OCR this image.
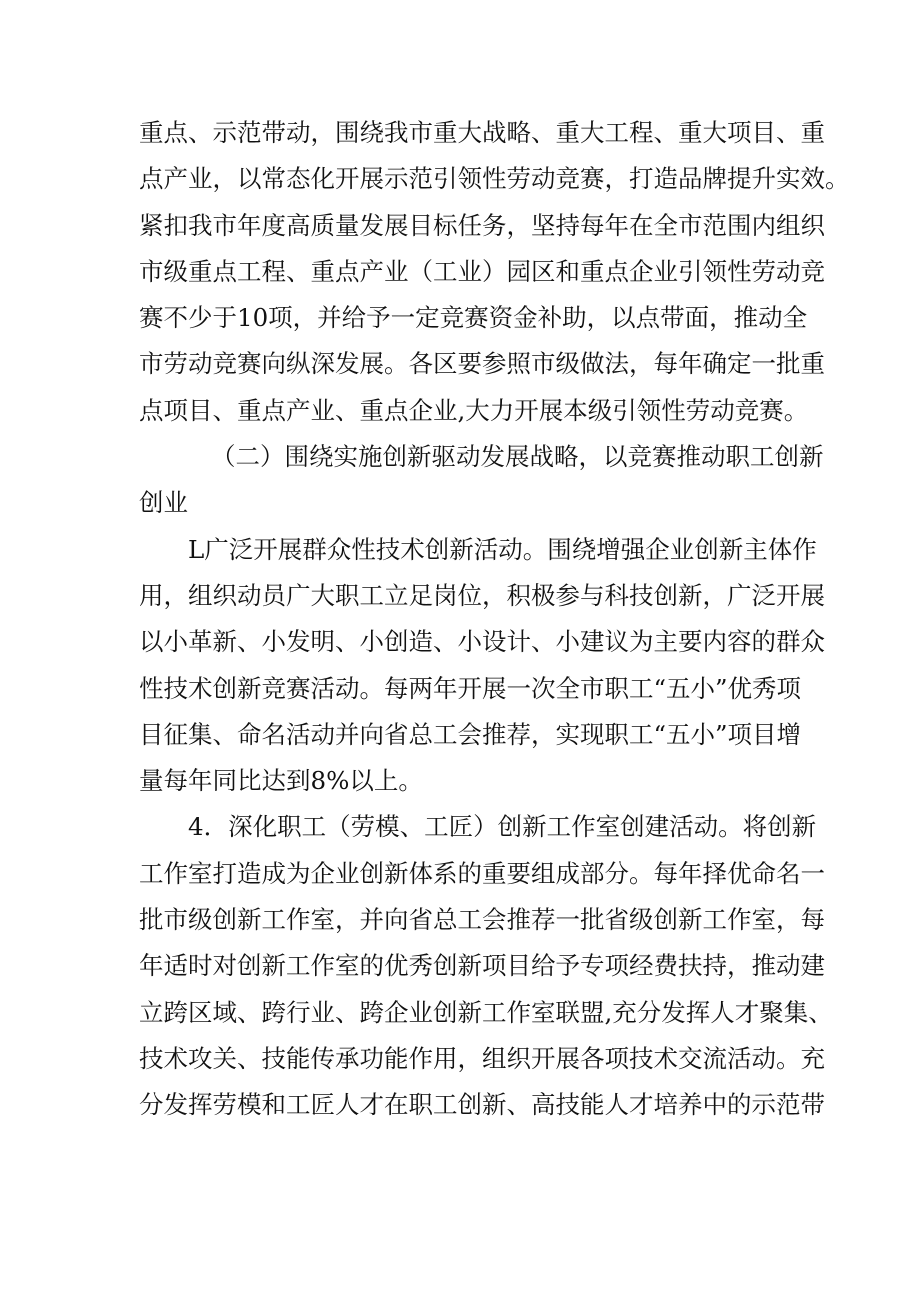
重点、示范带动，围绕我市重大战略、重大工程、重大项目、重
点产业，以常态化开展示范引领性劳动竞赛，打造品牌提升实效。
紧扣我市年度高质量发展目标任务，坚持每年在全市范围内组织
市级重点工程、重点产业（工业）园区和重点企业引领性劳动竞
赛不少于10项，并给予一定竞赛资金补助，以点带面，推动全
市劳动竞赛向纵深发展。各区要参照市级做法，每年确定一批重
点项目、重点产业、重点企业,大力开展本级引领性劳动竞赛。
（二）围绕实施创新驱动发展战略，以竞赛推动职工创新
创业
L广泛开展群众性技术创新活动。围绕增强企业创新主体作
用，组织动员广大职工立足岗位，积极参与科技创新，广泛开展
以小革新、小发明、小创造、小设计、小建议为主要内容的群众
性技术创新竞赛活动。每两年开展一次全市职工“五小”优秀项
目征集、命名活动并向省总工会推荐，实现职工“五小”项目增
量每年同比达到8%以上。
4．深化职工（劳模、工匠）创新工作室创建活动。将创新
工作室打造成为企业创新体系的重要组成部分。每年择优命名一
批市级创新工作室，并向省总工会推荐一批省级创新工作室，每
年适时对创新工作室的优秀创新项目给予专项经费扶持，推动建
立跨区域、跨行业、跨企业创新工作室联盟,充分发挥人才聚集、
技术攻关、技能传承功能作用，组织开展各项技术交流活动。充
分发挥劳模和工匠人才在职工创新、高技能人才培养中的示范带
